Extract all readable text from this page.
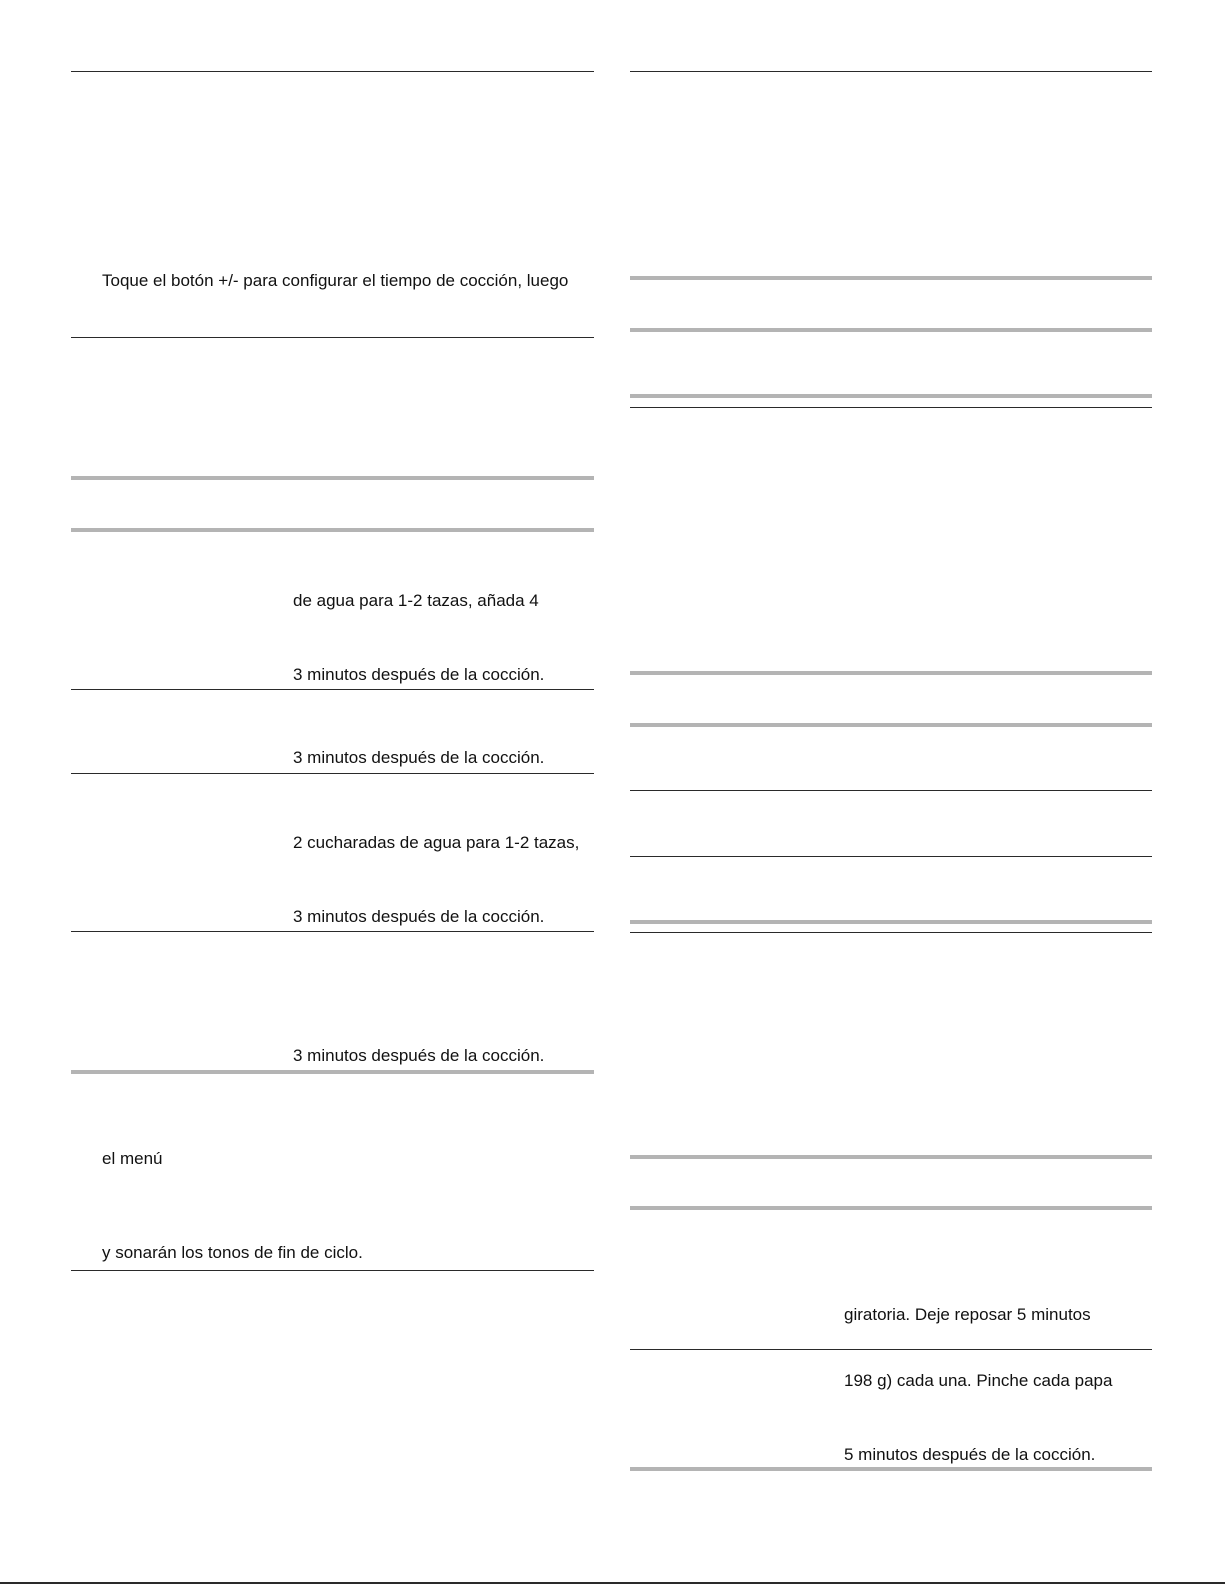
Toque el botón +/- para configurar el tiempo de cocción, luego
de agua para 1-2 tazas, añada 4
3 minutos después de la cocción.
3 minutos después de la cocción.
2 cucharadas de agua para 1-2 tazas,
3 minutos después de la cocción.
3 minutos después de la cocción.
el menú
y sonarán los tonos de fin de ciclo.
giratoria. Deje reposar 5 minutos
198 g) cada una. Pinche cada papa
5 minutos después de la cocción.
